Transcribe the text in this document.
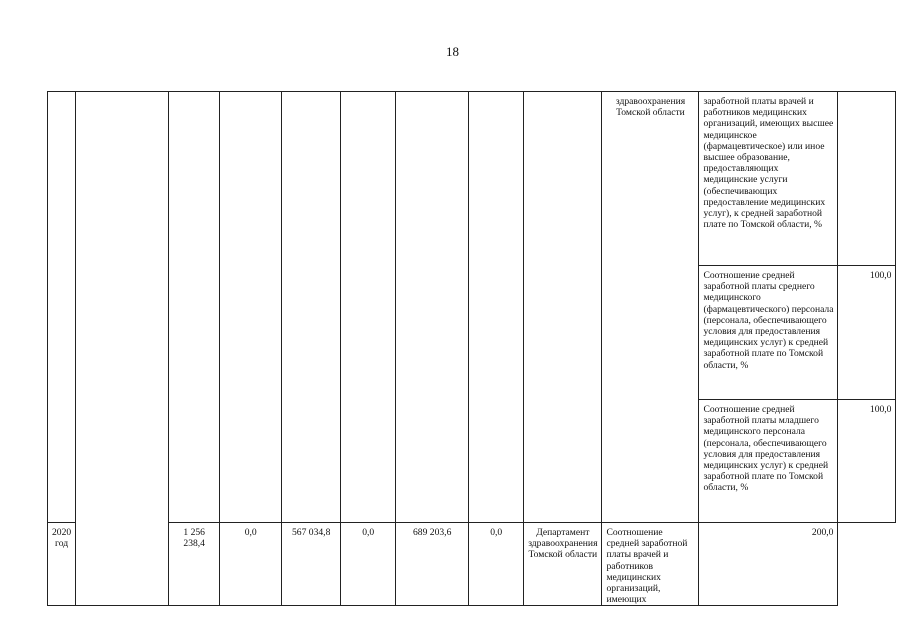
18
									здравоохранения Томской области	заработной платы врачей и работников медицинских организаций, имеющих высшее медицинское (фармацевтическое) или иное высшее образование, предоставляющих медицинские услуги (обеспечивающих предоставление медицинских услуг), к средней заработной плате по Томской области, %	
										Соотношение средней заработной платы среднего медицинского (фармацевтического) персонала (персонала, обеспечивающего условия для предоставления медицинских услуг) к средней заработной плате по Томской области, %	100,0
										Соотношение средней заработной платы младшего медицинского персонала (персонала, обеспечивающего условия для предоставления медицинских услуг) к средней заработной плате по Томской области, %	100,0
2020 год		1 256 238,4	0,0	567 034,8	0,0	689 203,6	0,0	Департамент здравоохранения Томской области	Соотношение средней заработной платы врачей и работников медицинских организаций, имеющих	200,0	
